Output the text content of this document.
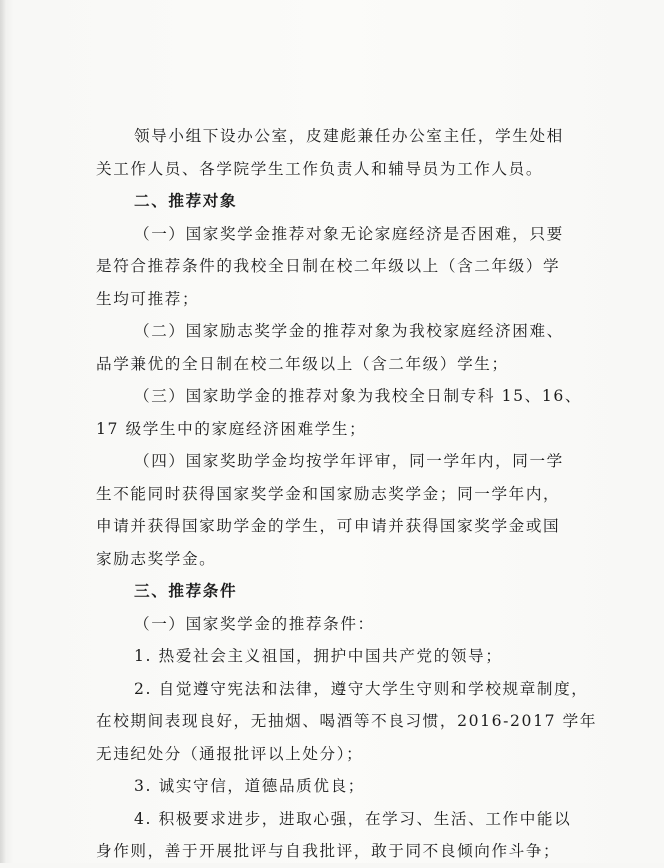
领导小组下设办公室，皮建彪兼任办公室主任，学生处相
关工作人员、各学院学生工作负责人和辅导员为工作人员。
二、推荐对象
（一）国家奖学金推荐对象无论家庭经济是否困难，只要
是符合推荐条件的我校全日制在校二年级以上（含二年级）学
生均可推荐；
（二）国家励志奖学金的推荐对象为我校家庭经济困难、
品学兼优的全日制在校二年级以上（含二年级）学生；
（三）国家助学金的推荐对象为我校全日制专科 15、16、
17 级学生中的家庭经济困难学生；
（四）国家奖助学金均按学年评审，同一学年内，同一学
生不能同时获得国家奖学金和国家励志奖学金；同一学年内，
申请并获得国家助学金的学生，可申请并获得国家奖学金或国
家励志奖学金。
三、推荐条件
（一）国家奖学金的推荐条件：
1. 热爱社会主义祖国，拥护中国共产党的领导；
2. 自觉遵守宪法和法律，遵守大学生守则和学校规章制度，
在校期间表现良好，无抽烟、喝酒等不良习惯，2016-2017 学年
无违纪处分（通报批评以上处分）；
3. 诚实守信，道德品质优良；
4. 积极要求进步，进取心强，在学习、生活、工作中能以
身作则，善于开展批评与自我批评，敢于同不良倾向作斗争；
